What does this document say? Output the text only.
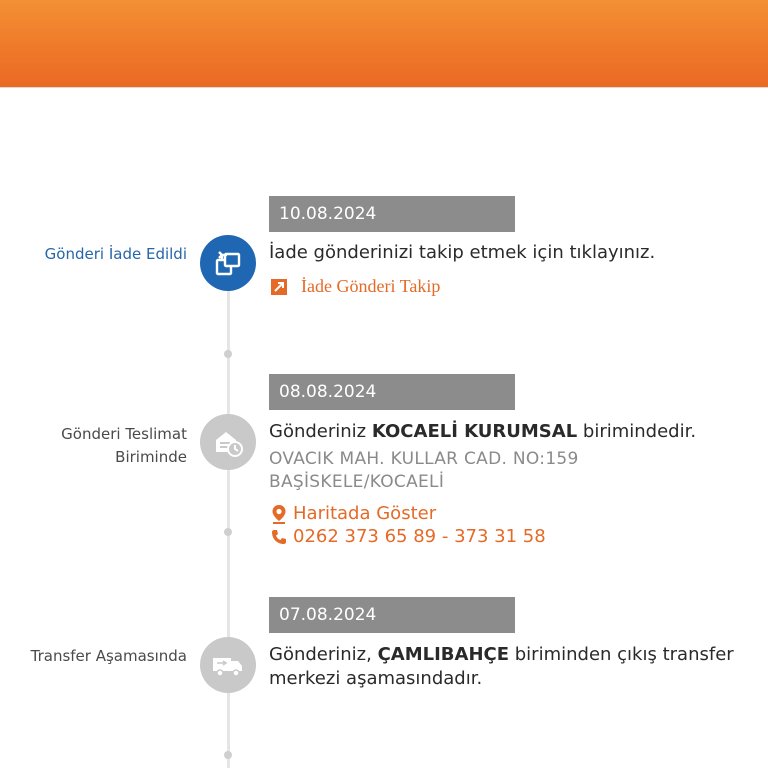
Gönderi İade Edildi
10.08.2024
İade gönderinizi takip etmek için tıklayınız.
İade Gönderi Takip
Gönderi Teslimat Biriminde
08.08.2024
Gönderiniz KOCAELİ KURUMSAL birimindedir.
OVACIK MAH. KULLAR CAD. NO:159
BAŞİSKELE/KOCAELİ
Haritada Göster
0262 373 65 89 - 373 31 58
Transfer Aşamasında
07.08.2024
Gönderiniz, ÇAMLIBAHÇE biriminden çıkış transfer merkezi aşamasındadır.
